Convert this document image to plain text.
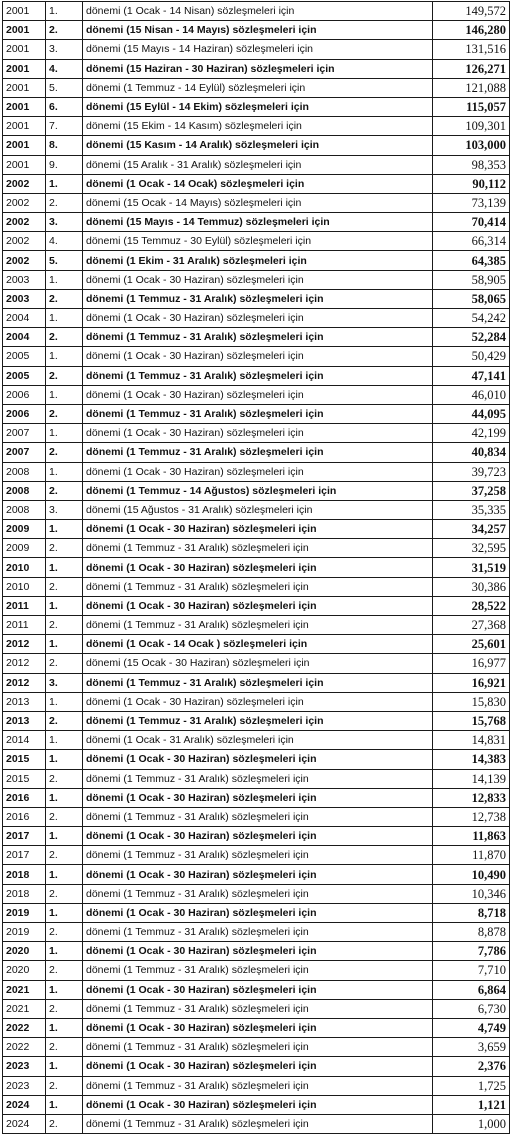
2001	1.	dönemi (1 Ocak - 14 Nisan) sözleşmeleri için	149,572
2001	2.	dönemi (15 Nisan - 14 Mayıs) sözleşmeleri için	146,280
2001	3.	dönemi (15 Mayıs - 14 Haziran) sözleşmeleri için	131,516
2001	4.	dönemi (15 Haziran - 30 Haziran) sözleşmeleri için	126,271
2001	5.	dönemi (1 Temmuz - 14 Eylül) sözleşmeleri için	121,088
2001	6.	dönemi (15 Eylül - 14 Ekim) sözleşmeleri için	115,057
2001	7.	dönemi (15 Ekim - 14 Kasım) sözleşmeleri için	109,301
2001	8.	dönemi (15 Kasım - 14 Aralık) sözleşmeleri için	103,000
2001	9.	dönemi (15 Aralık - 31 Aralık) sözleşmeleri için	98,353
2002	1.	dönemi (1 Ocak - 14 Ocak) sözleşmeleri için	90,112
2002	2.	dönemi (15 Ocak - 14 Mayıs) sözleşmeleri için	73,139
2002	3.	dönemi (15 Mayıs - 14 Temmuz) sözleşmeleri için	70,414
2002	4.	dönemi (15 Temmuz - 30 Eylül) sözleşmeleri için	66,314
2002	5.	dönemi (1 Ekim - 31 Aralık) sözleşmeleri için	64,385
2003	1.	dönemi (1 Ocak - 30 Haziran) sözleşmeleri için	58,905
2003	2.	dönemi (1 Temmuz - 31 Aralık) sözleşmeleri için	58,065
2004	1.	dönemi (1 Ocak - 30 Haziran) sözleşmeleri için	54,242
2004	2.	dönemi (1 Temmuz - 31 Aralık) sözleşmeleri için	52,284
2005	1.	dönemi (1 Ocak - 30 Haziran) sözleşmeleri için	50,429
2005	2.	dönemi (1 Temmuz - 31 Aralık) sözleşmeleri için	47,141
2006	1.	dönemi (1 Ocak - 30 Haziran) sözleşmeleri için	46,010
2006	2.	dönemi (1 Temmuz - 31 Aralık) sözleşmeleri için	44,095
2007	1.	dönemi (1 Ocak - 30 Haziran) sözleşmeleri için	42,199
2007	2.	dönemi (1 Temmuz - 31 Aralık) sözleşmeleri için	40,834
2008	1.	dönemi (1 Ocak - 30 Haziran) sözleşmeleri için	39,723
2008	2.	dönemi (1 Temmuz - 14 Ağustos) sözleşmeleri için	37,258
2008	3.	dönemi (15 Ağustos - 31 Aralık) sözleşmeleri için	35,335
2009	1.	dönemi (1 Ocak - 30 Haziran) sözleşmeleri için	34,257
2009	2.	dönemi (1 Temmuz - 31 Aralık) sözleşmeleri için	32,595
2010	1.	dönemi (1 Ocak - 30 Haziran) sözleşmeleri için	31,519
2010	2.	dönemi (1 Temmuz - 31 Aralık) sözleşmeleri için	30,386
2011	1.	dönemi (1 Ocak - 30 Haziran) sözleşmeleri için	28,522
2011	2.	dönemi (1 Temmuz - 31 Aralık) sözleşmeleri için	27,368
2012	1.	dönemi (1 Ocak - 14 Ocak ) sözleşmeleri için	25,601
2012	2.	dönemi (15 Ocak - 30 Haziran) sözleşmeleri için	16,977
2012	3.	dönemi (1 Temmuz - 31 Aralık) sözleşmeleri için	16,921
2013	1.	dönemi (1 Ocak - 30 Haziran) sözleşmeleri için	15,830
2013	2.	dönemi (1 Temmuz - 31 Aralık) sözleşmeleri için	15,768
2014	1.	dönemi (1 Ocak - 31 Aralık) sözleşmeleri için	14,831
2015	1.	dönemi (1 Ocak - 30 Haziran) sözleşmeleri için	14,383
2015	2.	dönemi (1 Temmuz - 31 Aralık) sözleşmeleri için	14,139
2016	1.	dönemi (1 Ocak - 30 Haziran) sözleşmeleri için	12,833
2016	2.	dönemi (1 Temmuz - 31 Aralık) sözleşmeleri için	12,738
2017	1.	dönemi (1 Ocak - 30 Haziran) sözleşmeleri için	11,863
2017	2.	dönemi (1 Temmuz - 31 Aralık) sözleşmeleri için	11,870
2018	1.	dönemi (1 Ocak - 30 Haziran) sözleşmeleri için	10,490
2018	2.	dönemi (1 Temmuz - 31 Aralık) sözleşmeleri için	10,346
2019	1.	dönemi (1 Ocak - 30 Haziran) sözleşmeleri için	8,718
2019	2.	dönemi (1 Temmuz - 31 Aralık) sözleşmeleri için	8,878
2020	1.	dönemi (1 Ocak - 30 Haziran) sözleşmeleri için	7,786
2020	2.	dönemi (1 Temmuz - 31 Aralık) sözleşmeleri için	7,710
2021	1.	dönemi (1 Ocak - 30 Haziran) sözleşmeleri için	6,864
2021	2.	dönemi (1 Temmuz - 31 Aralık) sözleşmeleri için	6,730
2022	1.	dönemi (1 Ocak - 30 Haziran) sözleşmeleri için	4,749
2022	2.	dönemi (1 Temmuz - 31 Aralık) sözleşmeleri için	3,659
2023	1.	dönemi (1 Ocak - 30 Haziran) sözleşmeleri için	2,376
2023	2.	dönemi (1 Temmuz - 31 Aralık) sözleşmeleri için	1,725
2024	1.	dönemi (1 Ocak - 30 Haziran) sözleşmeleri için	1,121
2024	2.	dönemi (1 Temmuz - 31 Aralık) sözleşmeleri için	1,000
